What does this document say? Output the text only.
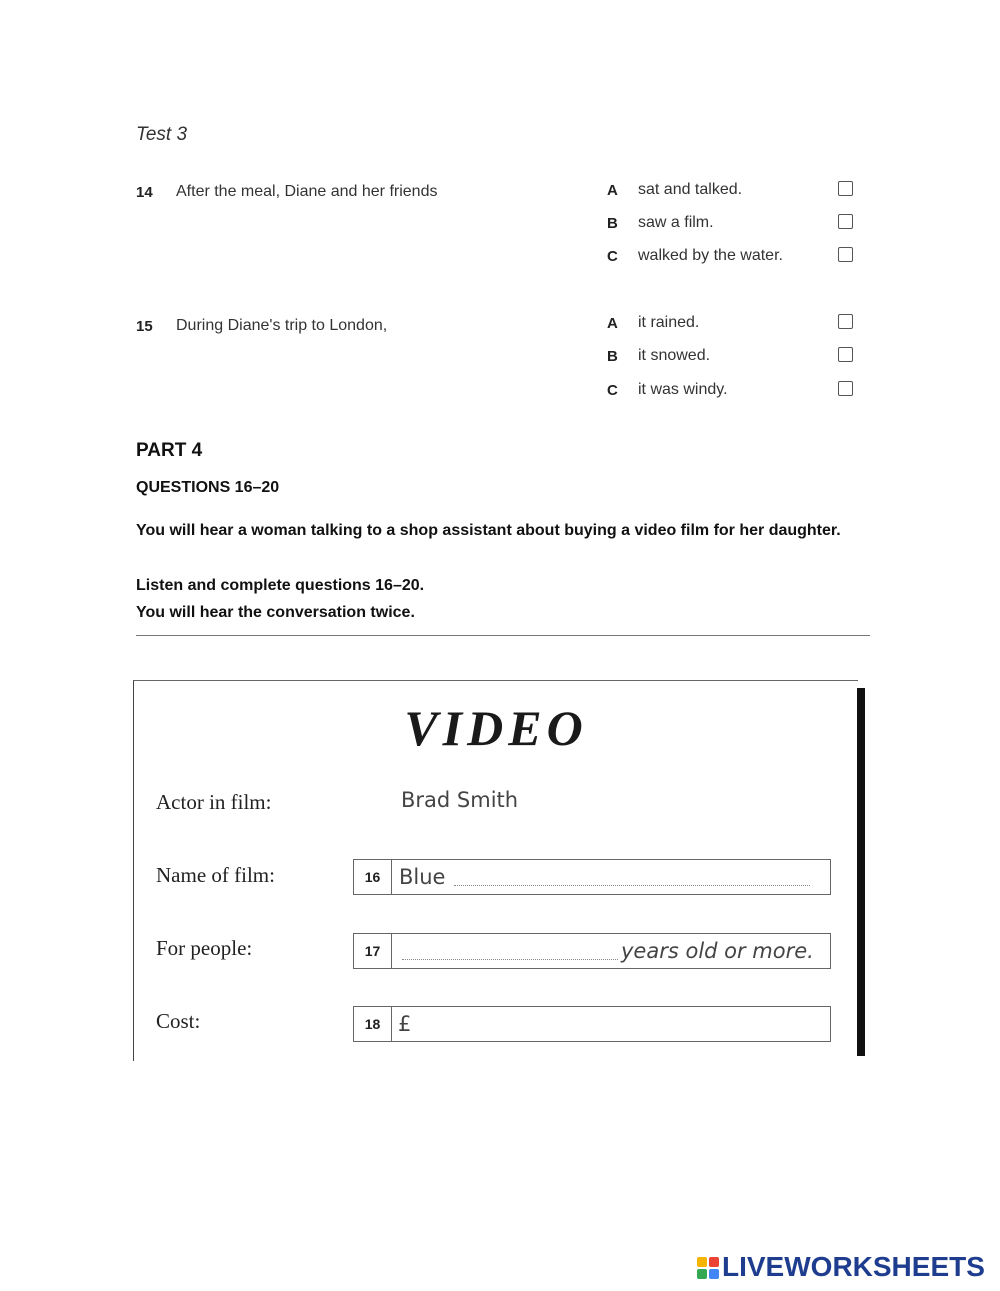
Test 3
14 After the meal, Diane and her friends	A sat and talked.
B saw a film.
C walked by the water.
15 During Diane's trip to London,	A it rained.
B it snowed.
C it was windy.
PART 4
QUESTIONS 16–20
You will hear a woman talking to a shop assistant about buying a video film for her daughter.
Listen and complete questions 16–20.
You will hear the conversation twice.
VIDEO
Actor in film:	Brad Smith
Name of film:	16 Blue
For people:	17	years old or more.
Cost:	18 £
LIVEWORKSHEETS
